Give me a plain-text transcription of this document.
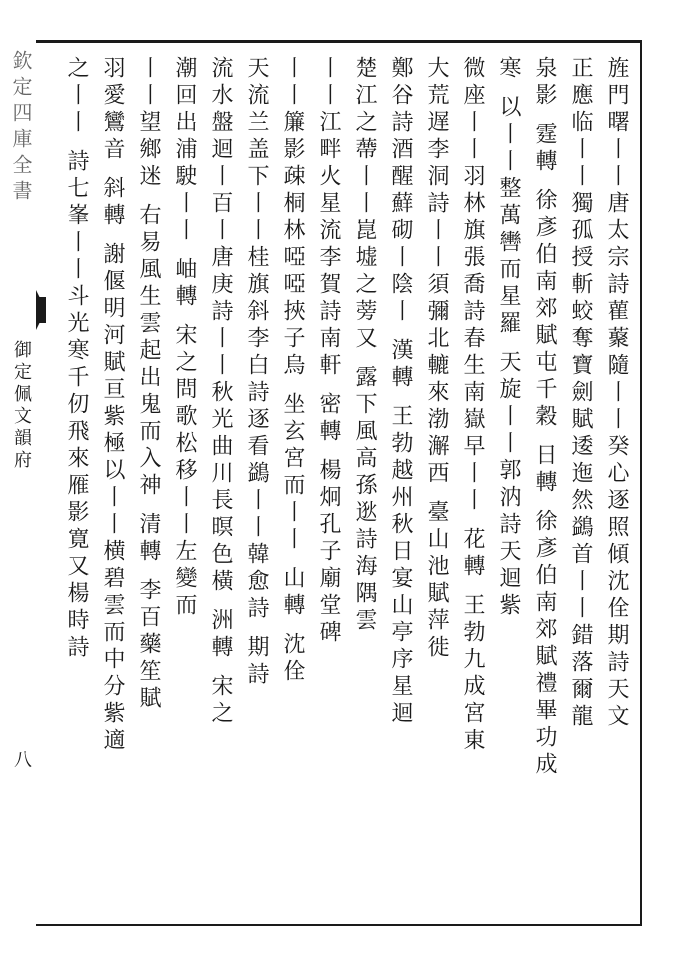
欽定四庫全書
御定佩文韻府
八
旌門曙丨丨唐太宗詩雚藂隨丨丨癸心逐照傾沈佺期詩天文
正應临丨丨獨孤授斬蛟奪寶劍賦逶迤然鷁首丨丨錯落爾龍
泉影 霆轉 徐彥伯南郊賦屯千穀 日轉 徐彥伯南郊賦禮畢功成
寒 以丨丨整萬轡而星羅 天旋丨丨郭汭詩天迴紫
微座丨丨羽林旗張喬詩春生南嶽早丨丨 花轉 王勃九成宮東
大荒遅李洞詩丨丨須彌北轆來渤澥西 臺山池賦萍徙
鄭谷詩酒醒蘚砌丨陰丨 漢轉 王勃越州秋日宴山亭序星迴
楚江之蔕丨丨崑墟之蒡又 露下風高孫逖詩海隅雲
丨丨江畔火星流李賀詩南軒 密轉 楊炯孔子廟堂碑
丨丨簾影疎桐林啞啞挾子烏 坐玄宮而丨丨 山轉 沈佺
天流兰盖下丨丨桂旗斜李白詩逐看鷁丨丨韓愈詩 期詩
流水盤迴丨百丨唐庚詩丨丨秋光曲川長暝色橫 洲轉 宋之
潮回出浦駛丨丨 岫轉 宋之問歌松移丨丨左變而
丨丨望鄉迷 右易風生雲起出鬼而入神 清轉 李百藥笙賦
羽愛鸞音 斜轉 謝偃明河賦亘紫極以丨丨横碧雲而中分紫適
之丨丨 詩七峯丨丨斗光寒千仞飛來雁影寛又楊時詩
